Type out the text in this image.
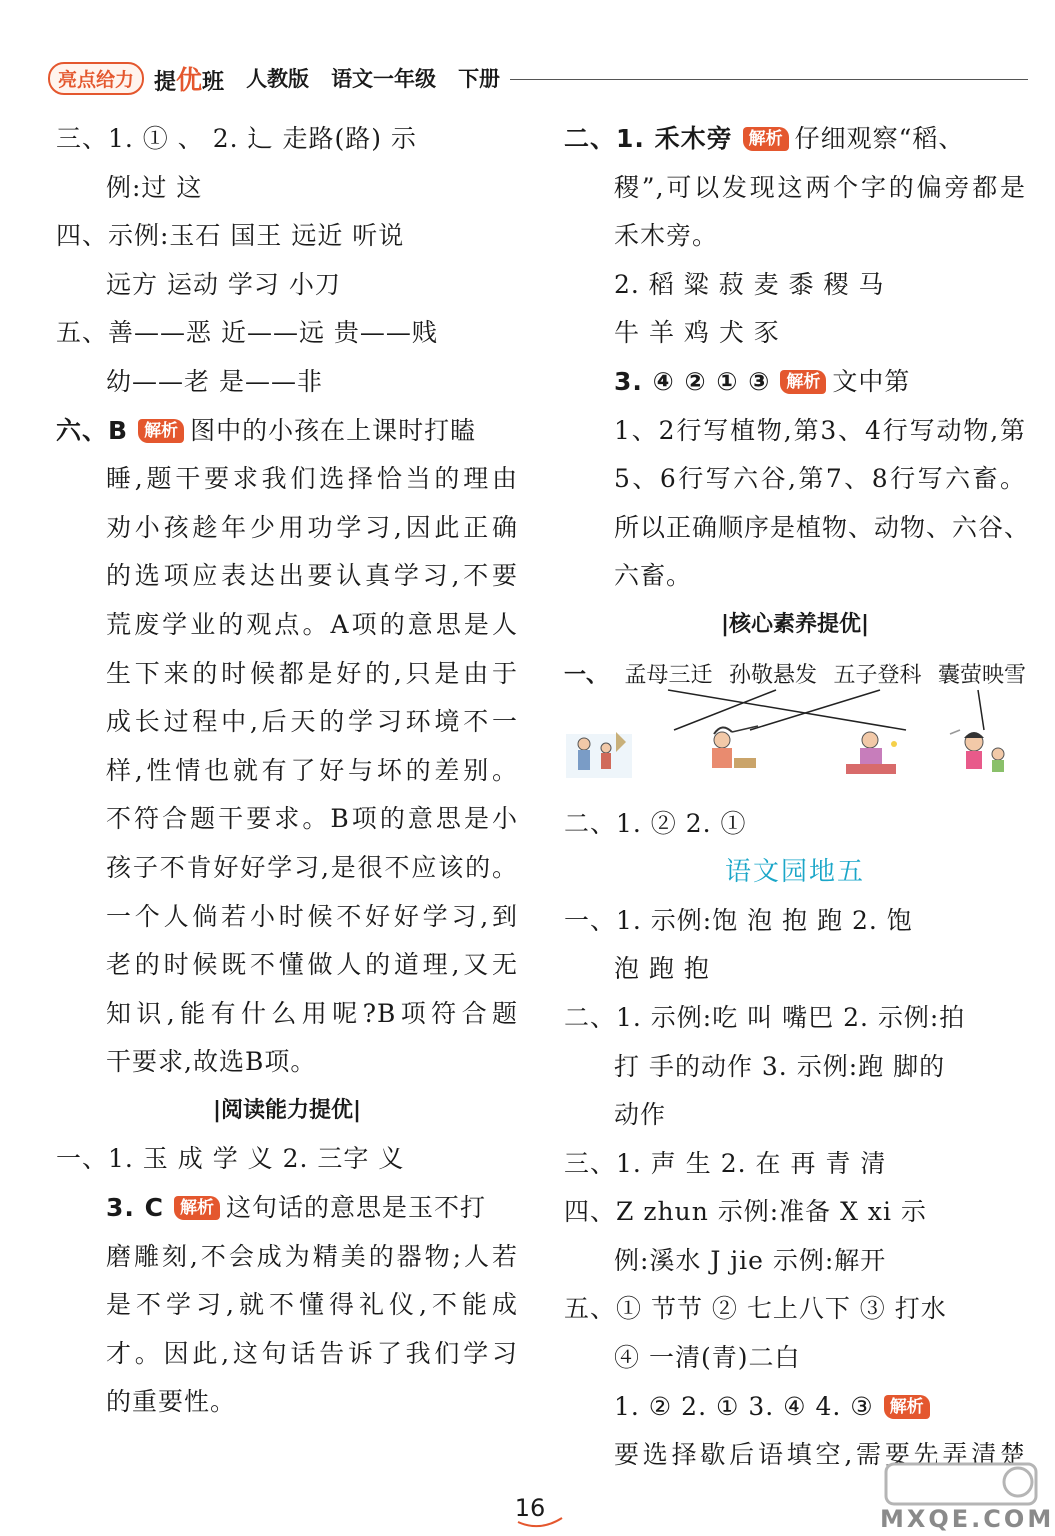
亮点给力 提优班 人教版 语文一年级 下册
三、1. ① 、 2. 辶 走路(路) 示
例:过 这
四、示例:玉石 国王 远近 听说
远方 运动 学习 小刀
五、善——恶 近——远 贵——贱
幼——老 是——非
六、B 解析 图中的小孩在上课时打瞌
睡,题干要求我们选择恰当的理由
劝小孩趁年少用功学习,因此正确
的选项应表达出要认真学习,不要
荒废学业的观点。A项的意思是人
生下来的时候都是好的,只是由于
成长过程中,后天的学习环境不一
样,性情也就有了好与坏的差别。
不符合题干要求。B项的意思是小
孩子不肯好好学习,是很不应该的。
一个人倘若小时候不好好学习,到
老的时候既不懂做人的道理,又无
知识,能有什么用呢?B项符合题
干要求,故选B项。
|阅读能力提优|
一、1. 玉 成 学 义 2. 三字 义
3. C 解析 这句话的意思是玉不打
磨雕刻,不会成为精美的器物;人若
是不学习,就不懂得礼仪,不能成
才。因此,这句话告诉了我们学习
的重要性。
二、1. 禾木旁 解析 仔细观察“稻、
稷”,可以发现这两个字的偏旁都是
禾木旁。
2. 稻 粱 菽 麦 黍 稷 马
牛 羊 鸡 犬 豕
3. ④ ② ① ③ 解析 文中第
1、2行写植物,第3、4行写动物,第
5、6行写六谷,第7、8行写六畜。
所以正确顺序是植物、动物、六谷、
六畜。
|核心素养提优|
一、 孟母三迁 孙敬悬发 五子登科 囊萤映雪
二、1. ② 2. ①
语文园地五
一、1. 示例:饱 泡 抱 跑 2. 饱
泡 跑 抱
二、1. 示例:吃 叫 嘴巴 2. 示例:拍
打 手的动作 3. 示例:跑 脚的
动作
三、1. 声 生 2. 在 再 青 清
四、Z zhun 示例:准备 X xi 示
例:溪水 J jie 示例:解开
五、① 节节 ② 七上八下 ③ 打水
④ 一清(青)二白
1. ② 2. ① 3. ④ 4. ③ 解析
要选择歇后语填空,需要先弄清楚
16	MXQE.COM
